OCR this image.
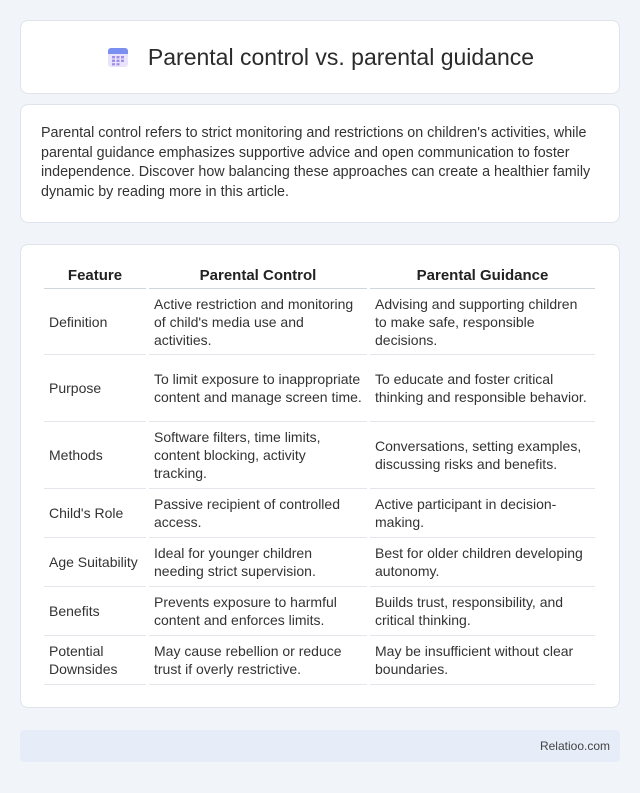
Parental control vs. parental guidance

Parental control refers to strict monitoring and restrictions on children's activities, while parental guidance emphasizes supportive advice and open communication to foster independence. Discover how balancing these approaches can create a healthier family dynamic by reading more in this article.

Feature	Parental Control	Parental Guidance
Definition	Active restriction and monitoring of child's media use and activities.	Advising and supporting children to make safe, responsible decisions.
Purpose	To limit exposure to inappropriate content and manage screen time.	To educate and foster critical thinking and responsible behavior.
Methods	Software filters, time limits, content blocking, activity tracking.	Conversations, setting examples, discussing risks and benefits.
Child's Role	Passive recipient of controlled access.	Active participant in decision-making.
Age Suitability	Ideal for younger children needing strict supervision.	Best for older children developing autonomy.
Benefits	Prevents exposure to harmful content and enforces limits.	Builds trust, responsibility, and critical thinking.
Potential Downsides	May cause rebellion or reduce trust if overly restrictive.	May be insufficient without clear boundaries.
Relatioo.com
